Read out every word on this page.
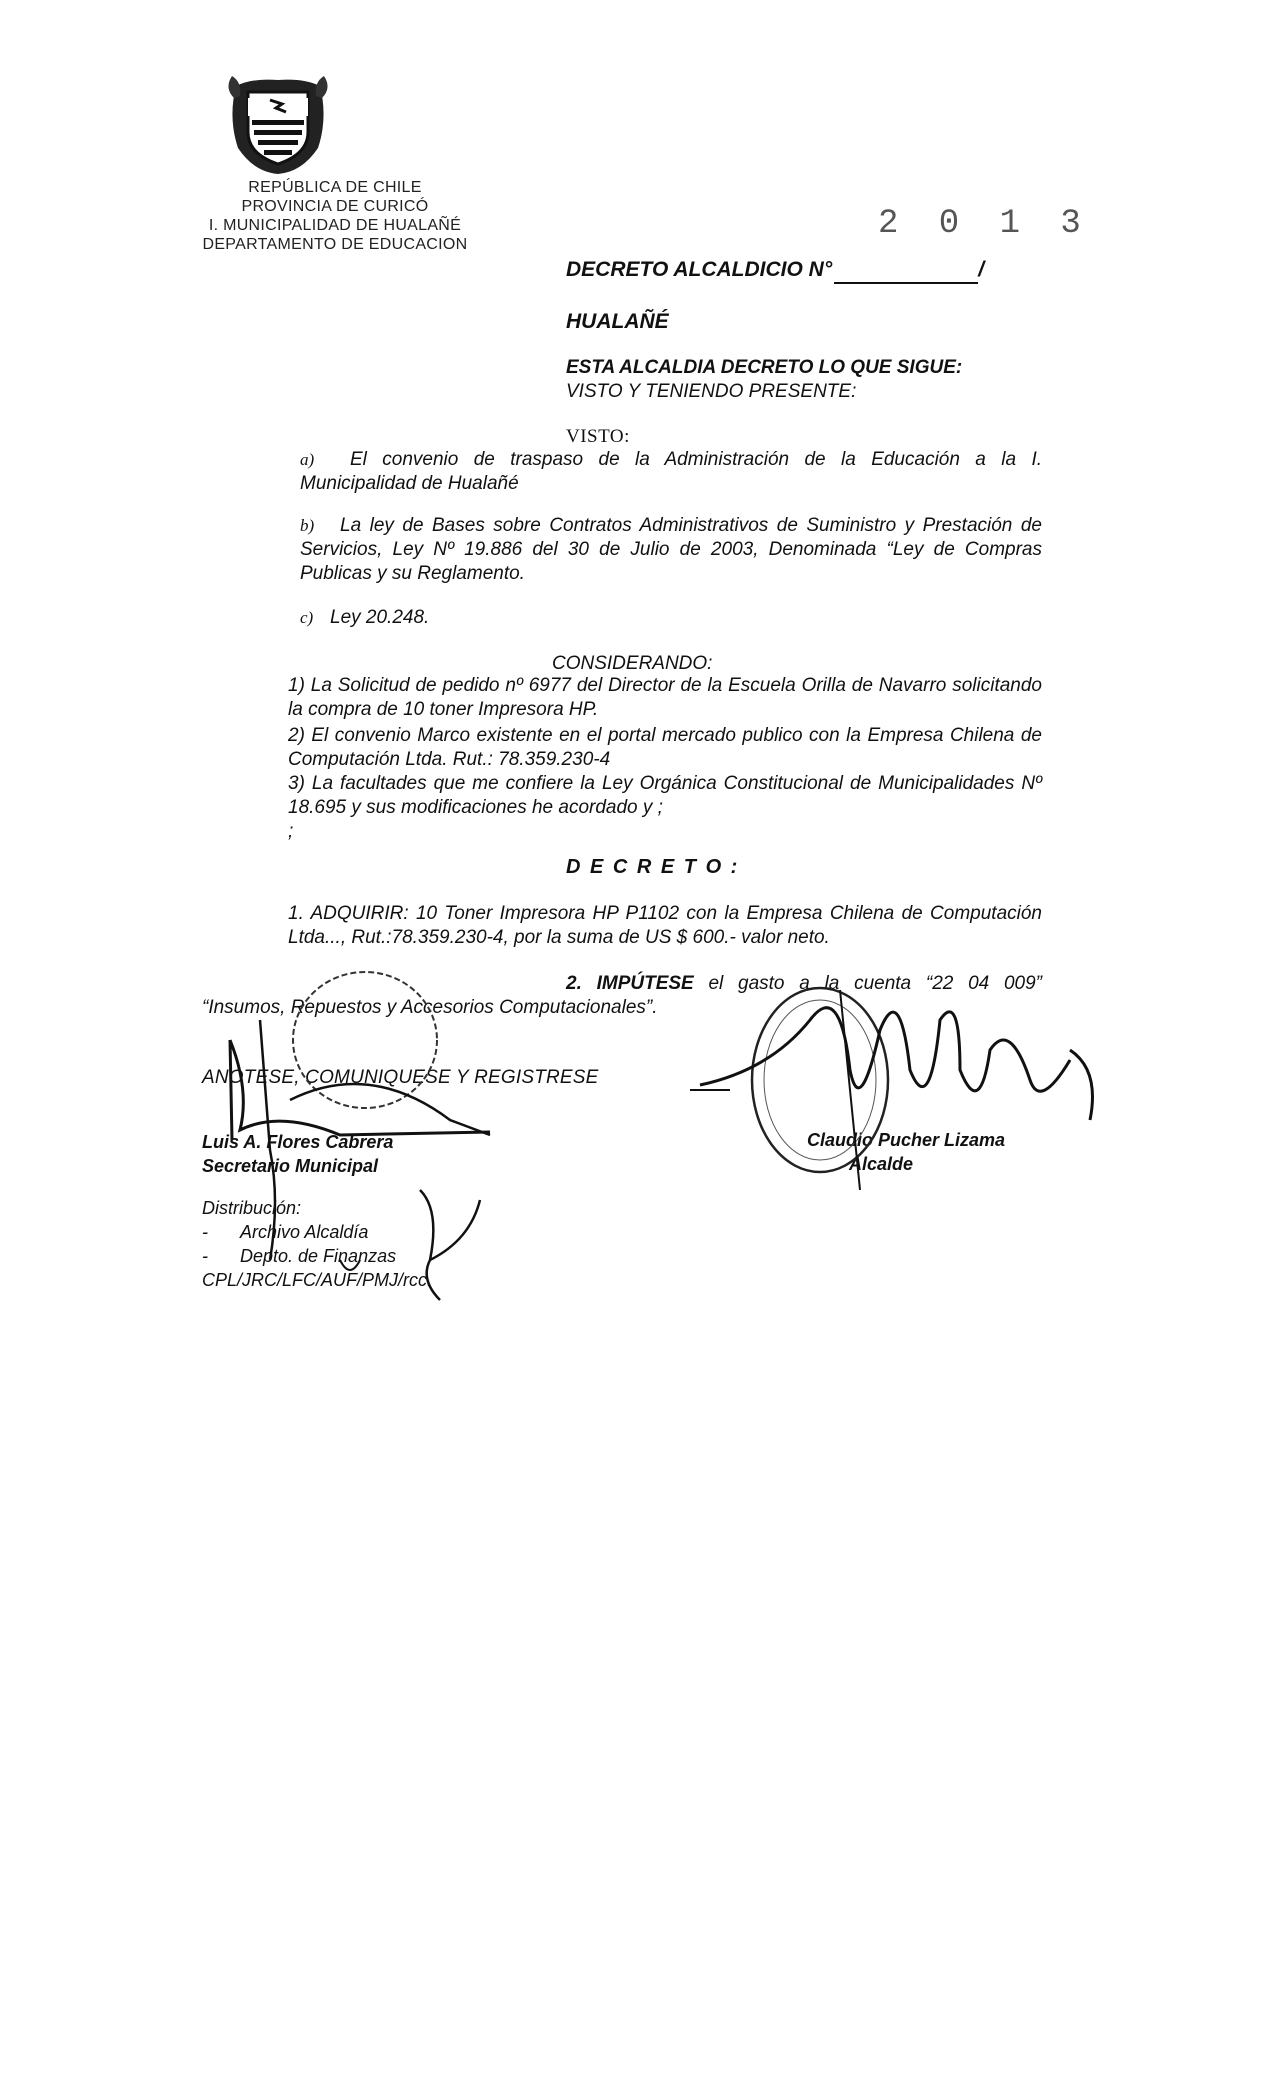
REPÚBLICA DE CHILE
PROVINCIA DE CURICÓ
I. MUNICIPALIDAD DE HUALAÑÉ
DEPARTAMENTO DE EDUCACION
2 0 1 3
DECRETO ALCALDICIO N°	/
HUALAÑÉ
ESTA ALCALDIA DECRETO LO QUE SIGUE:
VISTO Y TENIENDO PRESENTE:
VISTO:
a) El convenio de traspaso de la Administración de la Educación a la I.
Municipalidad de Hualañé
b) La ley de Bases sobre Contratos Administrativos de Suministro y Prestación de
Servicios, Ley Nº 19.886 del 30 de Julio de 2003, Denominada “Ley de Compras Publicas y su Reglamento.
c) Ley 20.248.
CONSIDERANDO:
1) La Solicitud de pedido nº 6977 del Director de la Escuela Orilla de Navarro solicitando la compra de 10 toner Impresora HP.
2) El convenio Marco existente en el portal mercado publico con la Empresa Chilena de Computación Ltda. Rut.: 78.359.230-4
3) La facultades que me confiere la Ley Orgánica Constitucional de Municipalidades Nº 18.695 y sus modificaciones he acordado y ;
;
D E C R E T O :
1. ADQUIRIR: 10 Toner Impresora HP P1102 con la Empresa Chilena de Computación Ltda..., Rut.:78.359.230-4, por la suma de US $ 600.- valor neto.
2. IMPÚTESE el gasto a la cuenta “22 04 009”
“Insumos, Repuestos y Accesorios Computacionales”.
ANOTESE, COMUNIQUESE Y REGISTRESE
Luis A. Flores Cabrera
Secretario Municipal
Claudio Pucher Lizama
Alcalde
Distribución:
- Archivo Alcaldía
- Depto. de Finanzas
CPL/JRC/LFC/AUF/PMJ/rcc.
